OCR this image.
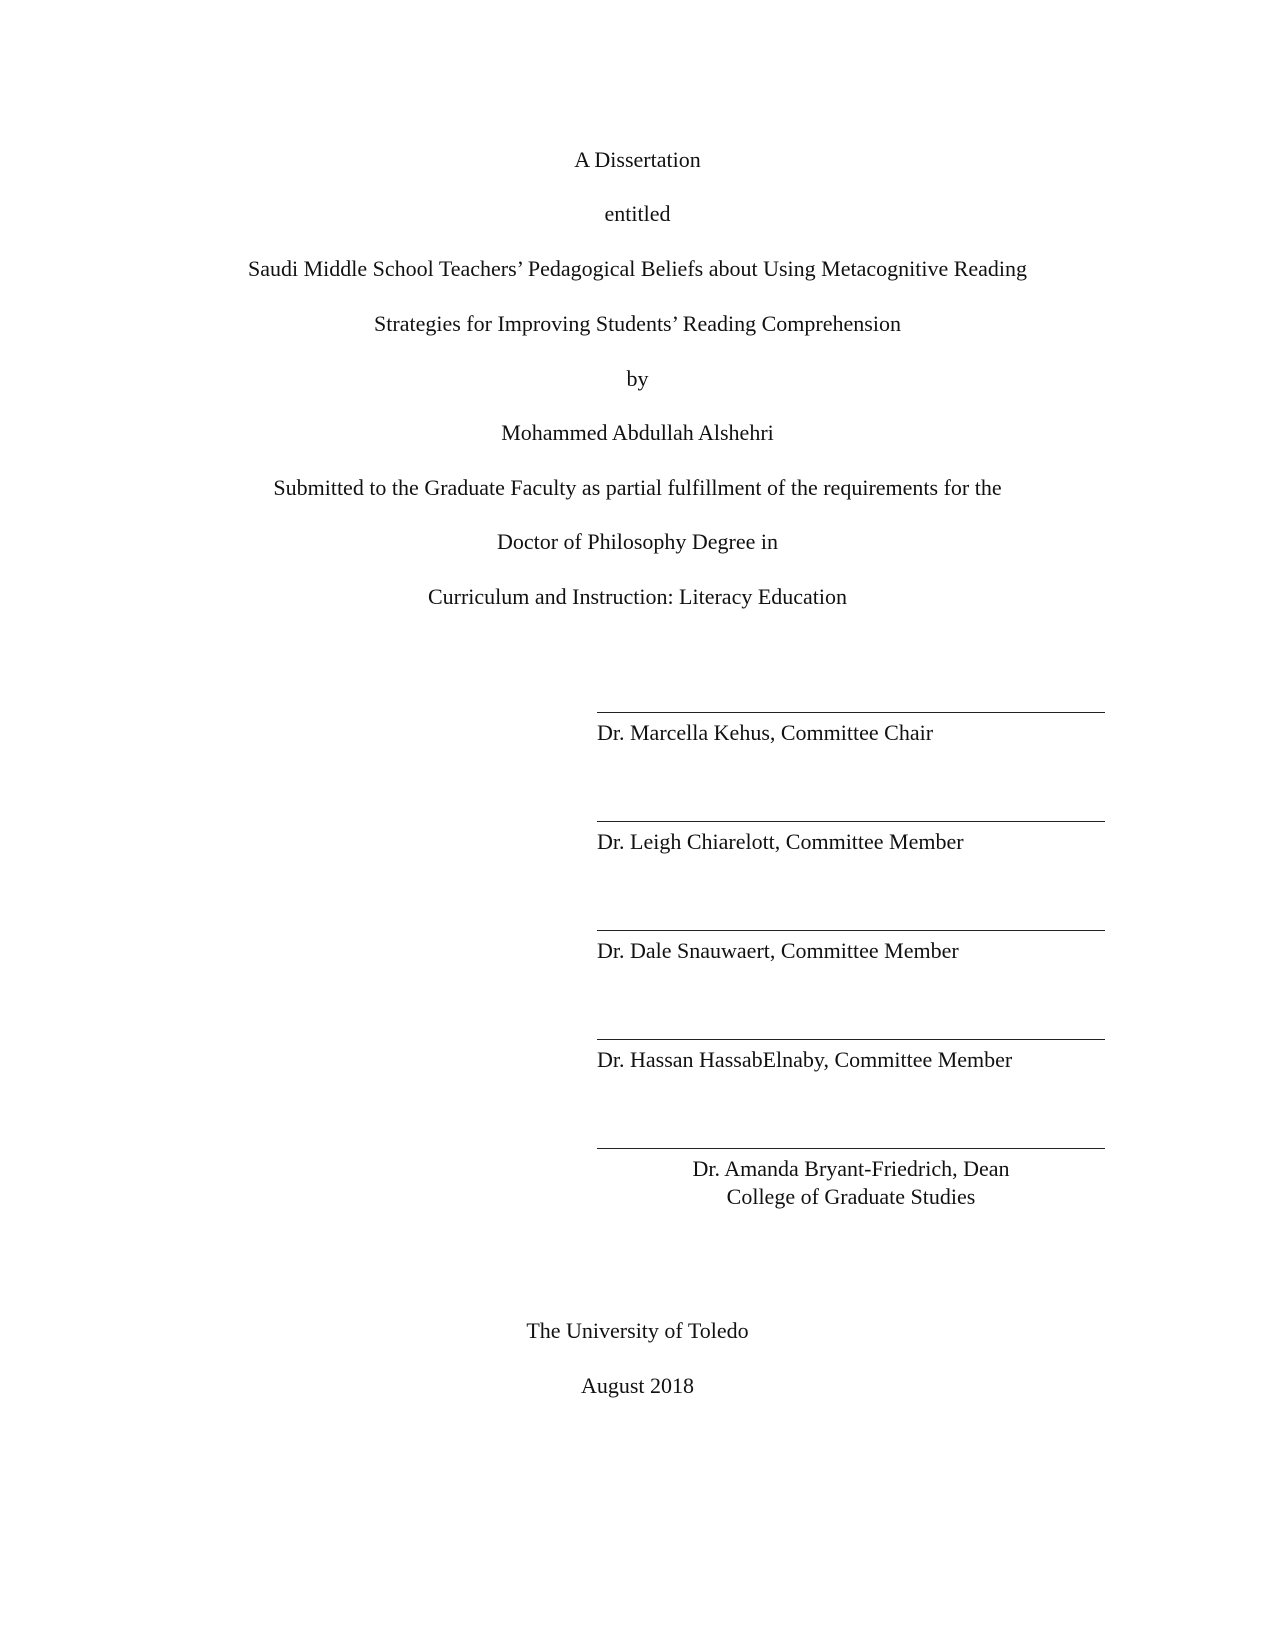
A Dissertation
entitled
Saudi Middle School Teachers’ Pedagogical Beliefs about Using Metacognitive Reading
Strategies for Improving Students’ Reading Comprehension
by
Mohammed Abdullah Alshehri
Submitted to the Graduate Faculty as partial fulfillment of the requirements for the
Doctor of Philosophy Degree in
Curriculum and Instruction: Literacy Education
Dr. Marcella Kehus, Committee Chair
Dr. Leigh Chiarelott, Committee Member
Dr. Dale Snauwaert, Committee Member
Dr. Hassan HassabElnaby, Committee Member
Dr. Amanda Bryant-Friedrich, Dean
College of Graduate Studies
The University of Toledo
August 2018
